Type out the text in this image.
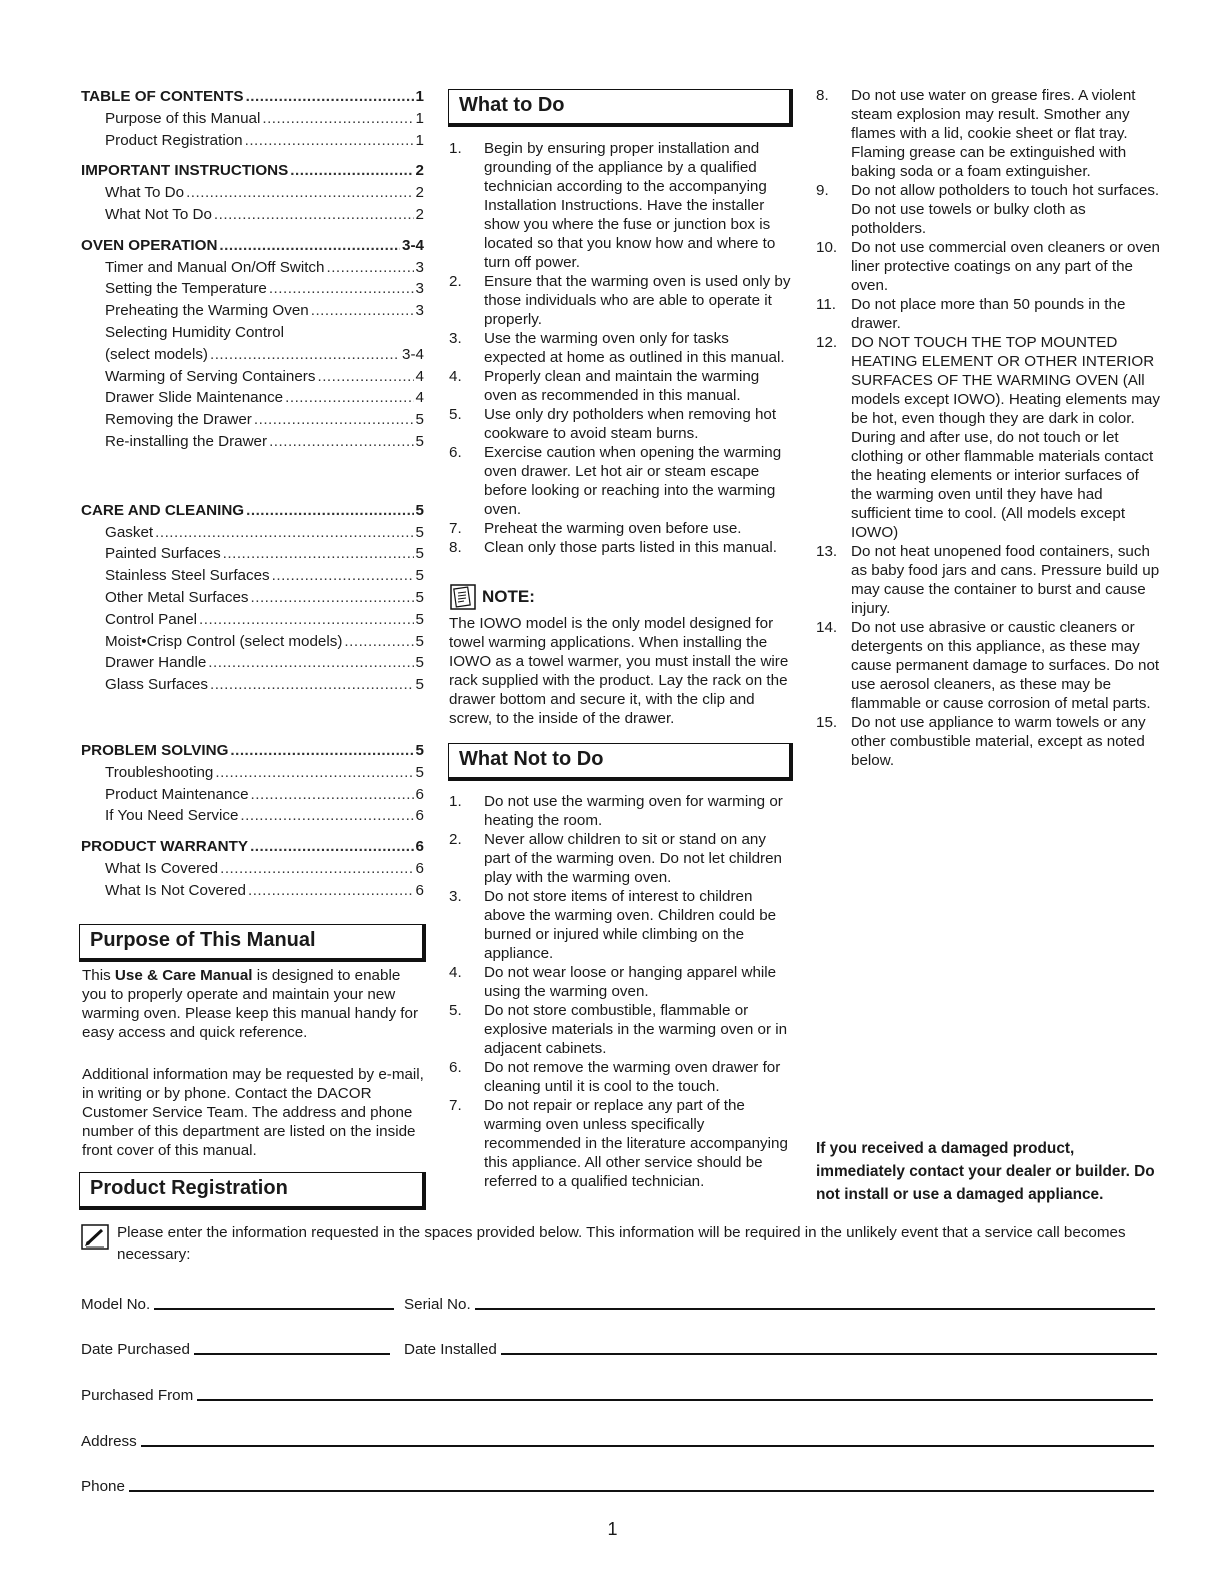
TABLE OF CONTENTS .....	1
Purpose of this Manual .....	1
Product Registration .....	1
IMPORTANT INSTRUCTIONS .....	2
What To Do .....	2
What Not To Do .....	2
OVEN OPERATION .....	3-4
Timer and Manual On/Off Switch .....	3
Setting the Temperature .....	3
Preheating the Warming Oven .....	3
Selecting Humidity Control
(select models) .....	3-4
Warming of Serving Containers .....	4
Drawer Slide Maintenance .....	4
Removing the Drawer .....	5
Re-installing the Drawer .....	5
CARE AND CLEANING .....	5
Gasket .....	5
Painted Surfaces .....	5
Stainless Steel Surfaces .....	5
Other Metal Surfaces .....	5
Control Panel .....	5
Moist•Crisp Control (select models) .....	5
Drawer Handle .....	5
Glass Surfaces .....	5
PROBLEM SOLVING .....	5
Troubleshooting .....	5
Product Maintenance .....	6
If You Need Service .....	6
PRODUCT WARRANTY .....	6
What Is Covered .....	6
What Is Not Covered .....	6
Purpose of This Manual

This Use & Care Manual is designed to enable you to properly operate and maintain your new warming oven. Please keep this manual handy for easy access and quick reference.

Additional information may be requested by e-mail, in writing or by phone. Contact the DACOR Customer Service Team. The address and phone number of this department are listed on the inside front cover of this manual.

Product Registration
What to Do
1. Begin by ensuring proper installation and grounding of the appliance by a qualified technician according to the accompanying Installation Instructions. Have the installer show you where the fuse or junction box is located so that you know how and where to turn off power.
2. Ensure that the warming oven is used only by those individuals who are able to operate it properly.
3. Use the warming oven only for tasks expected at home as outlined in this manual.
4. Properly clean and maintain the warming oven as recommended in this manual.
5. Use only dry potholders when removing hot cookware to avoid steam burns.
6. Exercise caution when opening the warming oven drawer. Let hot air or steam escape before looking or reaching into the warming oven.
7. Preheat the warming oven before use.
8. Clean only those parts listed in this manual.
NOTE:
The IOWO model is the only model designed for towel warming applications. When installing the IOWO as a towel warmer, you must install the wire rack supplied with the product. Lay the rack on the drawer bottom and secure it, with the clip and screw, to the inside of the drawer.
What Not to Do
1. Do not use the warming oven for warming or heating the room.
2. Never allow children to sit or stand on any part of the warming oven. Do not let children play with the warming oven.
3. Do not store items of interest to children above the warming oven. Children could be burned or injured while climbing on the appliance.
4. Do not wear loose or hanging apparel while using the warming oven.
5. Do not store combustible, flammable or explosive materials in the warming oven or in adjacent cabinets.
6. Do not remove the warming oven drawer for cleaning until it is cool to the touch.
7. Do not repair or replace any part of the warming oven unless specifically recommended in the literature accompanying this appliance. All other service should be referred to a qualified technician.
8. Do not use water on grease fires. A violent steam explosion may result. Smother any flames with a lid, cookie sheet or flat tray. Flaming grease can be extinguished with baking soda or a foam extinguisher.
9. Do not allow potholders to touch hot surfaces. Do not use towels or bulky cloth as potholders.
10. Do not use commercial oven cleaners or oven liner protective coatings on any part of the oven.
11. Do not place more than 50 pounds in the drawer.
12. DO NOT TOUCH THE TOP MOUNTED HEATING ELEMENT OR OTHER INTERIOR SURFACES OF THE WARMING OVEN (All models except IOWO). Heating elements may be hot, even though they are dark in color. During and after use, do not touch or let clothing or other flammable materials contact the heating elements or interior surfaces of the warming oven until they have had sufficient time to cool. (All models except IOWO)
13. Do not heat unopened food containers, such as baby food jars and cans. Pressure build up may cause the container to burst and cause injury.
14. Do not use abrasive or caustic cleaners or detergents on this appliance, as these may cause permanent damage to surfaces. Do not use aerosol cleaners, as these may be flammable or cause corrosion of metal parts.
15. Do not use appliance to warm towels or any other combustible material, except as noted below.
If you received a damaged product, immediately contact your dealer or builder. Do not install or use a damaged appliance.
Please enter the information requested in the spaces provided below. This information will be required in the unlikely event that a service call becomes necessary:
Model No.	Serial No.
Date Purchased	Date Installed
Purchased From
Address
Phone
1
